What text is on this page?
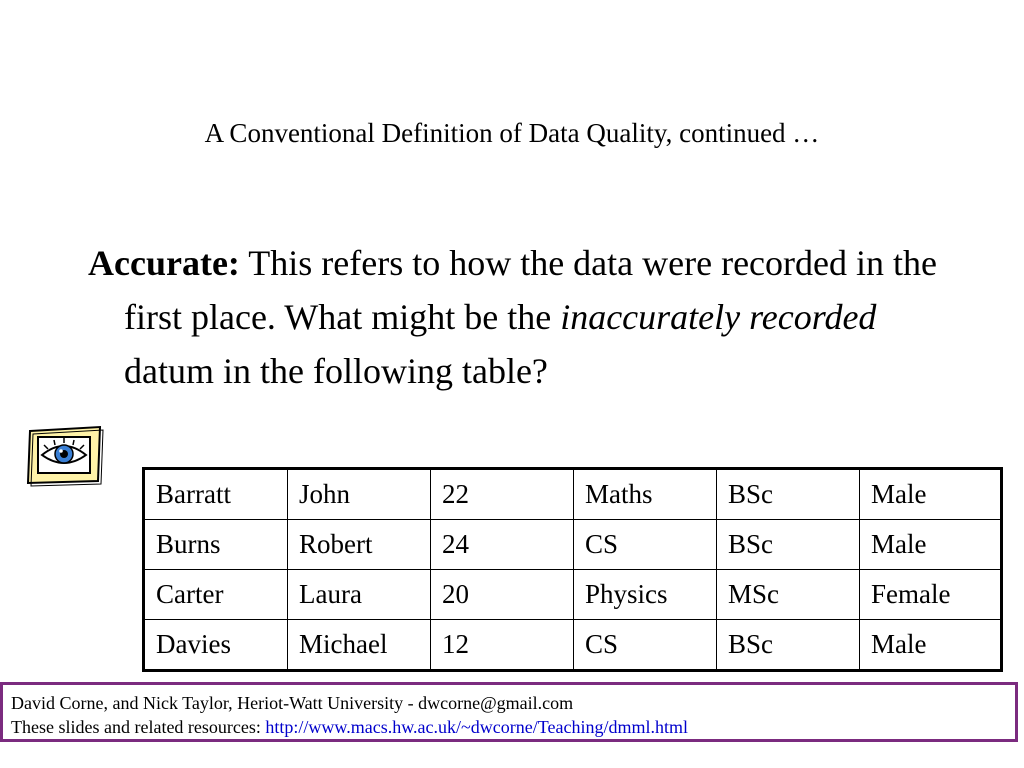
A Conventional Definition of Data Quality, continued …
Accurate: This refers to how the data were recorded in the first place. What might be the inaccurately recorded datum in the following table?
Barratt	John	22	Maths	BSc	Male
Burns	Robert	24	CS	BSc	Male
Carter	Laura	20	Physics	MSc	Female
Davies	Michael	12	CS	BSc	Male
David Corne, and Nick Taylor, Heriot-Watt University - dwcorne@gmail.com
These slides and related resources: http://www.macs.hw.ac.uk/~dwcorne/Teaching/dmml.html
